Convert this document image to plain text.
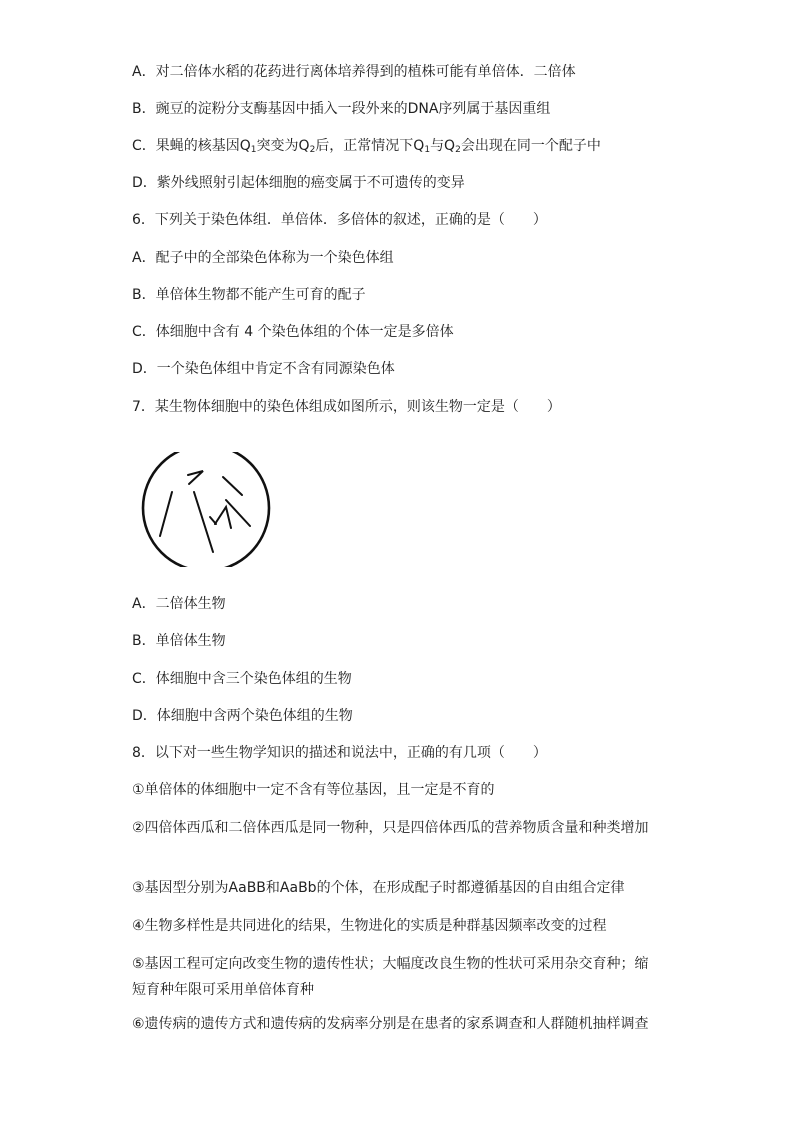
A．对二倍体水稻的花药进行离体培养得到的植株可能有单倍体．二倍体
B．豌豆的淀粉分支酶基因中插入一段外来的DNA序列属于基因重组
C．果蝇的核基因$Q_1$突变为$Q_2$后，正常情况下$Q_1$与$Q_2$会出现在同一个配子中
D．紫外线照射引起体细胞的癌变属于不可遗传的变异
6．下列关于染色体组．单倍体．多倍体的叙述，正确的是（　　）
A．配子中的全部染色体称为一个染色体组
B．单倍体生物都不能产生可育的配子
C．体细胞中含有 4 个染色体组的个体一定是多倍体
D．一个染色体组中肯定不含有同源染色体
7．某生物体细胞中的染色体组成如图所示，则该生物一定是（　　）
A．二倍体生物
B．单倍体生物
C．体细胞中含三个染色体组的生物
D．体细胞中含两个染色体组的生物
8．以下对一些生物学知识的描述和说法中，正确的有几项（　　）
①单倍体的体细胞中一定不含有等位基因，且一定是不育的
②四倍体西瓜和二倍体西瓜是同一物种，只是四倍体西瓜的营养物质含量和种类增加
③基因型分别为AaBB和AaBb的个体，在形成配子时都遵循基因的自由组合定律
④生物多样性是共同进化的结果，生物进化的实质是种群基因频率改变的过程
⑤基因工程可定向改变生物的遗传性状；大幅度改良生物的性状可采用杂交育种；缩短育种年限可采用单倍体育种
⑥遗传病的遗传方式和遗传病的发病率分别是在患者的家系调查和人群随机抽样调查
